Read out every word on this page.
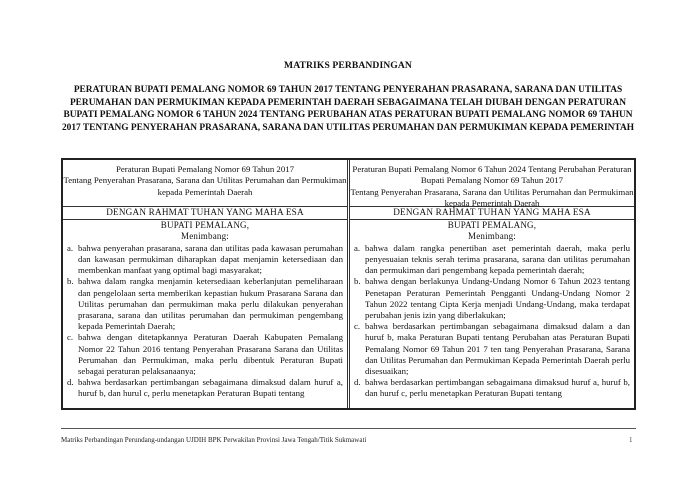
MATRIKS PERBANDINGAN
PERATURAN BUPATI PEMALANG NOMOR 69 TAHUN 2017 TENTANG PENYERAHAN PRASARANA, SARANA DAN UTILITAS PERUMAHAN DAN PERMUKIMAN KEPADA PEMERINTAH DAERAH SEBAGAIMANA TELAH DIUBAH DENGAN PERATURAN BUPATI PEMALANG NOMOR 6 TAHUN 2024 TENTANG PERUBAHAN ATAS PERATURAN BUPATI PEMALANG NOMOR 69 TAHUN 2017 TENTANG PENYERAHAN PRASARANA, SARANA DAN UTILITAS PERUMAHAN DAN PERMUKIMAN KEPADA PEMERINTAH
Peraturan Bupati Pemalang Nomor 69 Tahun 2017
Tentang Penyerahan Prasarana, Sarana dan Utilitas Perumahan dan Permukiman kepada Pemerintah Daerah
DENGAN RAHMAT TUHAN YANG MAHA ESA
BUPATI PEMALANG,
Menimbang:
a. bahwa penyerahan prasarana, sarana dan utilitas pada kawasan perumahan dan kawasan permukiman diharapkan dapat menjamin ketersediaan dan membenkan manfaat yang optimal bagi masyarakat;
b. bahwa dalam rangka menjamin ketersediaan keberlanjutan pemeliharaan dan pengelolaan serta memberikan kepastian hukum Prasarana Sarana dan Utilitas perumahan dan permukiman maka perlu dilakukan penyerahan prasarana, sarana dan utilitas perumahan dan permukiman pengembang kepada Pemerintah Daerah;
c. bahwa dengan ditetapkannya Peraturan Daerah Kabupaten Pemalang Nomor 22 Tahun 2016 tentang Penyerahan Prasarana Sarana dan Utilitas Perumahan dan Permukiman, maka perlu dibentuk Peraturan Bupati sebagai peraturan pelaksanaanya;
d. bahwa berdasarkan pertimbangan sebagaimana dimaksud dalam huruf a, huruf b, dan hurul c, perlu menetapkan Peraturan Bupati tentang
Peraturan Bupati Pemalang Nomor 6 Tahun 2024 Tentang Perubahan Peraturan Bupati Pemalang Nomor 69 Tahun 2017
Tentang Penyerahan Prasarana, Sarana dan Utilitas Perumahan dan Permukiman kepada Pemerintah Daerah
DENGAN RAHMAT TUHAN YANG MAHA ESA
BUPATI PEMALANG,
Menimbang:
a. bahwa dalam rangka penertiban aset pemerintah daerah, maka perlu penyesuaian teknis serah terima prasarana, sarana dan utilitas perumahan dan permukiman dari pengembang kepada pemerintah daerah;
b. bahwa dengan berlakunya Undang-Undang Nomor 6 Tahun 2023 tentang Penetapan Peraturan Pemerintah Pengganti Undang-Undang Nomor 2 Tahun 2022 tentang Cipta Kerja menjadi Undang-Undang, maka terdapat perubahan jenis izin yang diberlakukan;
c. bahwa berdasarkan pertimbangan sebagaimana dimaksud dalam a dan huruf b, maka Peraturan Bupati tentang Perubahan atas Peraturan Bupati Pemalang Nomor 69 Tahun 201 7 ten tang Penyerahan Prasarana, Sarana dan Utilitas Perumahan dan Permukiman Kepada Pemerintah Daerah perlu disesuaikan;
d. bahwa berdasarkan pertimbangan sebagaimana dimaksud huruf a, huruf b, dan huruf c, perlu menetapkan Peraturan Bupati tentang
Matriks Perbandingan Perundang-undangan UJDIH BPK Perwakilan Provinsi Jawa Tengah/Titik Sukmawati	1
